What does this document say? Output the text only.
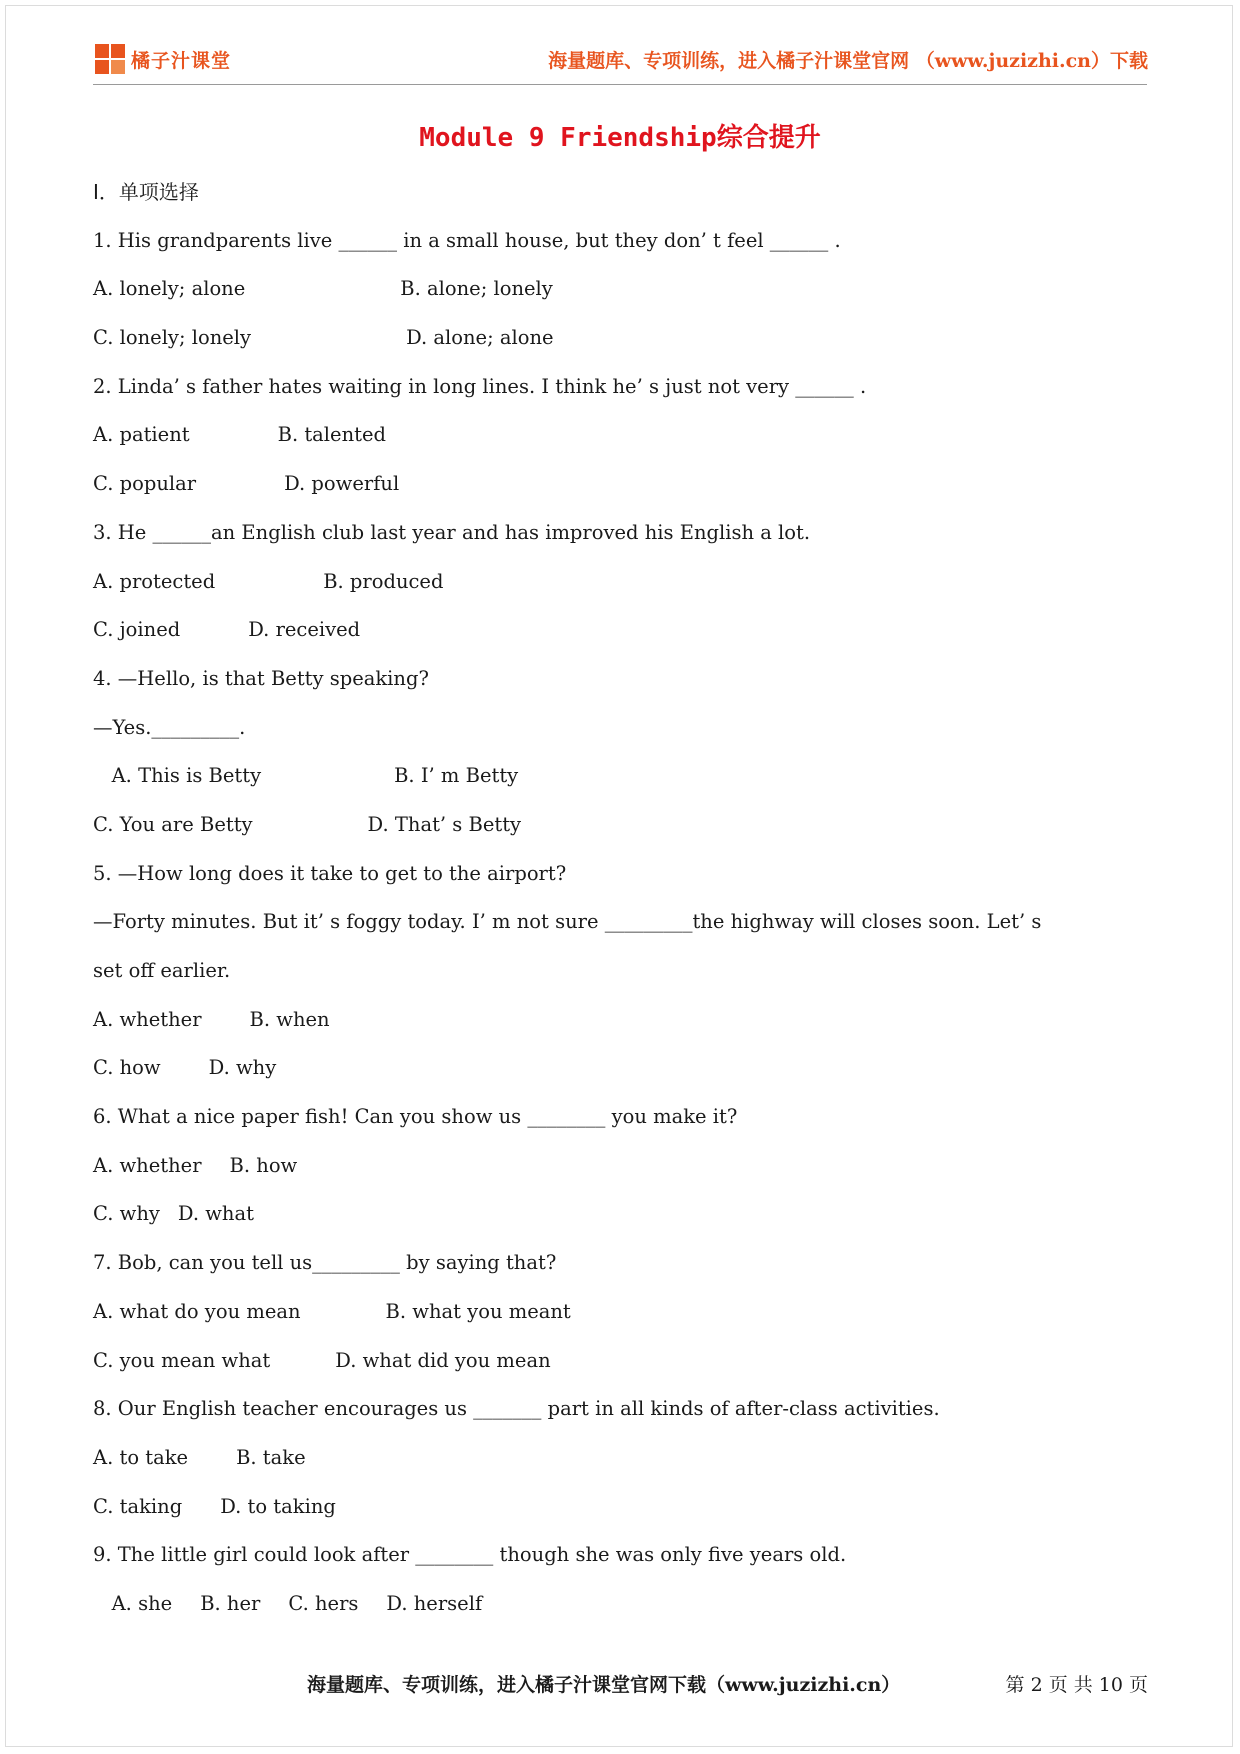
橘子汁课堂	海量题库、专项训练，进入橘子汁课堂官网 （www.juzizhi.cn）下载
Module 9 Friendship综合提升
Ⅰ．单项选择
1. His grandparents live ______ in a small house, but they don’ t feel ______ .
A. lonely; alone	B. alone; lonely
C. lonely; lonely	D. alone; alone
2. Linda’ s father hates waiting in long lines. I think he’ s just not very ______ .
A. patient	B. talented
C. popular	D. powerful
3. He ______an English club last year and has improved his English a lot.
A. protected	B. produced
C. joined	D. received
4. —Hello, is that Betty speaking?
—Yes._________.
A. This is Betty	B. I’ m Betty
C. You are Betty	D. That’ s Betty
5. —How long does it take to get to the airport?
—Forty minutes. But it’ s foggy today. I’ m not sure _________the highway will closes soon. Let’ s
set off earlier.
A. whether B. when
C. how D. why
6. What a nice paper fish! Can you show us ________ you make it?
A. whether B. how
C. why D. what
7. Bob, can you tell us_________ by saying that?
A. what do you mean	B. what you meant
C. you mean what	D. what did you mean
8. Our English teacher encourages us _______ part in all kinds of after-class activities.
A. to take B. take
C. taking D. to taking
9. The little girl could look after ________ though she was only five years old.
A. she B. her C. hers D. herself
海量题库、专项训练，进入橘子汁课堂官网下载（www.juzizhi.cn）	第 2 页 共 10 页
